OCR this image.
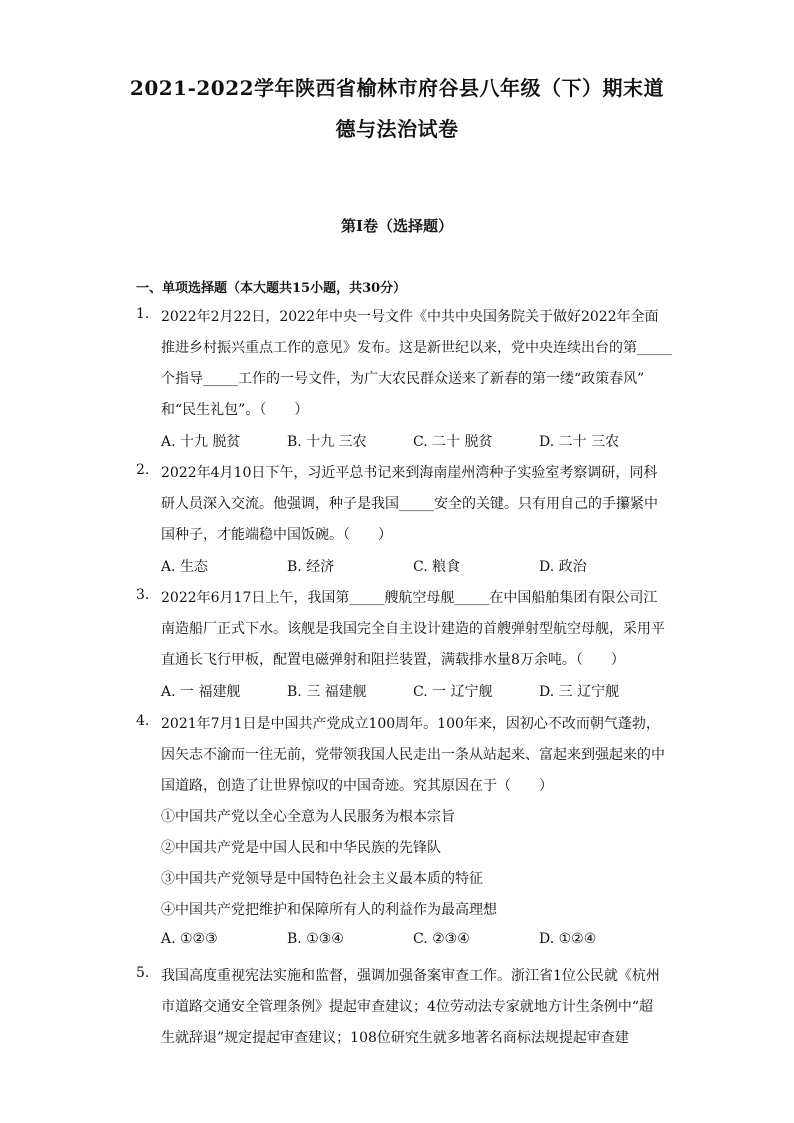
2021-2022学年陕西省榆林市府谷县八年级（下）期末道
德与法治试卷
第Ⅰ卷（选择题）
一、单项选择题（本大题共15小题，共30分）
1. 2022年2月22日，2022年中央一号文件《中共中央国务院关于做好2022年全面
推进乡村振兴重点工作的意见》发布。这是新世纪以来，党中央连续出台的第_____
个指导_____工作的一号文件，为广大农民群众送来了新春的第一缕“政策春风”
和“民生礼包”。（　　）
A. 十九 脱贫	B. 十九 三农	C. 二十 脱贫	D. 二十 三农
2. 2022年4月10日下午，习近平总书记来到海南崖州湾种子实验室考察调研，同科
研人员深入交流。他强调，种子是我国_____安全的关键。只有用自己的手攥紧中
国种子，才能端稳中国饭碗。（　　）
A. 生态	B. 经济	C. 粮食	D. 政治
3. 2022年6月17日上午，我国第_____艘航空母舰_____在中国船舶集团有限公司江
南造船厂正式下水。该舰是我国完全自主设计建造的首艘弹射型航空母舰，采用平
直通长飞行甲板，配置电磁弹射和阻拦装置，满载排水量8万余吨。（　　）
A. 一 福建舰	B. 三 福建舰	C. 一 辽宁舰	D. 三 辽宁舰
4. 2021年7月1日是中国共产党成立100周年。100年来，因初心不改而朝气蓬勃，
因矢志不渝而一往无前，党带领我国人民走出一条从站起来、富起来到强起来的中
国道路，创造了让世界惊叹的中国奇迹。究其原因在于（　　）
①中国共产党以全心全意为人民服务为根本宗旨
②中国共产党是中国人民和中华民族的先锋队
③中国共产党领导是中国特色社会主义最本质的特征
④中国共产党把维护和保障所有人的利益作为最高理想
A. ①②③	B. ①③④	C. ②③④	D. ①②④
5. 我国高度重视宪法实施和监督，强调加强备案审查工作。浙江省1位公民就《杭州
市道路交通安全管理条例》提起审查建议；4位劳动法专家就地方计生条例中“超
生就辞退”规定提起审查建议；108位研究生就多地著名商标法规提起审查建
